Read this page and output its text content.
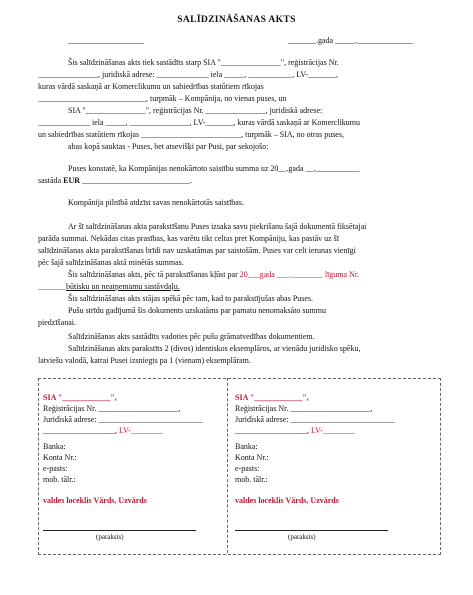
SALĪDZINĀŠANAS AKTS
___________________	_______.gada _____.______________
Šis salīdzināšanas akts tiek sastādīts starp SIA "_______________", reģistrācijas Nr.
_______________, juridiskā adrese: _____________ iela _____, ___________, LV-_______,
kuras vārdā saskaņā ar Komerclikumu un sabiedrības statūtiem rīkojas
___________________________, turpmāk – Kompānija, no vienas puses, un
SIA "_______________", reģistrācijas Nr. _______________, juridiskā adrese:
_____________ iela _____, _______________, LV-_______, kuras vārdā saskaņā ar Komerclikumu
un sabiedrības statūtiem rīkojas _________________________, turpmāk – SIA, no otras puses,
abas kopā sauktas - Puses, bet atsevišķi par Pusi, par sekojošo:
Puses konstatē, ka Kompānijas nenokārtoto saistību summa uz 20__.gada __.___________
sastāda EUR ___________________________.
Kompānija pilnībā atdzīst savas nenokārtotās saistības.
Ar šī salīdzināšanas akta parakstīšanu Puses izsaka savu piekrišanu šajā dokumentā fiksētajai
parāda summai. Nekādas citas prasības, kas varētu tikt celtas pret Kompāniju, kas pastāv uz šī
salīdzināšanas akta parakstīšanas brīdi nav uzskatāmas par saistošām. Puses var celt ierunas vienīgi
pēc šajā salīdzināšanas aktā minētās summas.
Šis salīdzināšanas akts, pēc tā parakstīšanas kļūst par 20___gada ___.________ līguma Nr.
_______būtisku un neatņemamu sastāvdaļu.
Šis salīdzināšanas akts stājas spēkā pēc tam, kad to parakstījušas abas Puses.
Pušu strīdu gadījumā šis dokuments uzskatāms par pamatu nenomaksāto summu
piedzīšanai.
Salīdzināšanas akts sastādīts vadoties pēc pušu grāmatvedības dokumentiem.
Salīdzināšanas akts parakstīts 2 (divos) identiskos eksemplāros, ar vienādu juridisko spēku,
latviešu valodā, katrai Pusei izsniegts pa 1 (vienam) eksemplāram.
SIA "____________",
Reģistrācijas Nr. ____________________,
Juridiskā adrese: __________________________
__________________, LV-________
Banka:
Konta Nr.:
e-pasts:
mob. tālr.:
valdes loceklis Vārds, Uzvārds
(paraksts)
SIA "____________",
Reģistrācijas Nr. ____________________,
Juridiskā adrese: __________________________
__________________, LV-________
Banka:
Konta Nr.:
e-pasts:
mob. tālr.:
valdes loceklis Vārds, Uzvārds
(paraksts)
